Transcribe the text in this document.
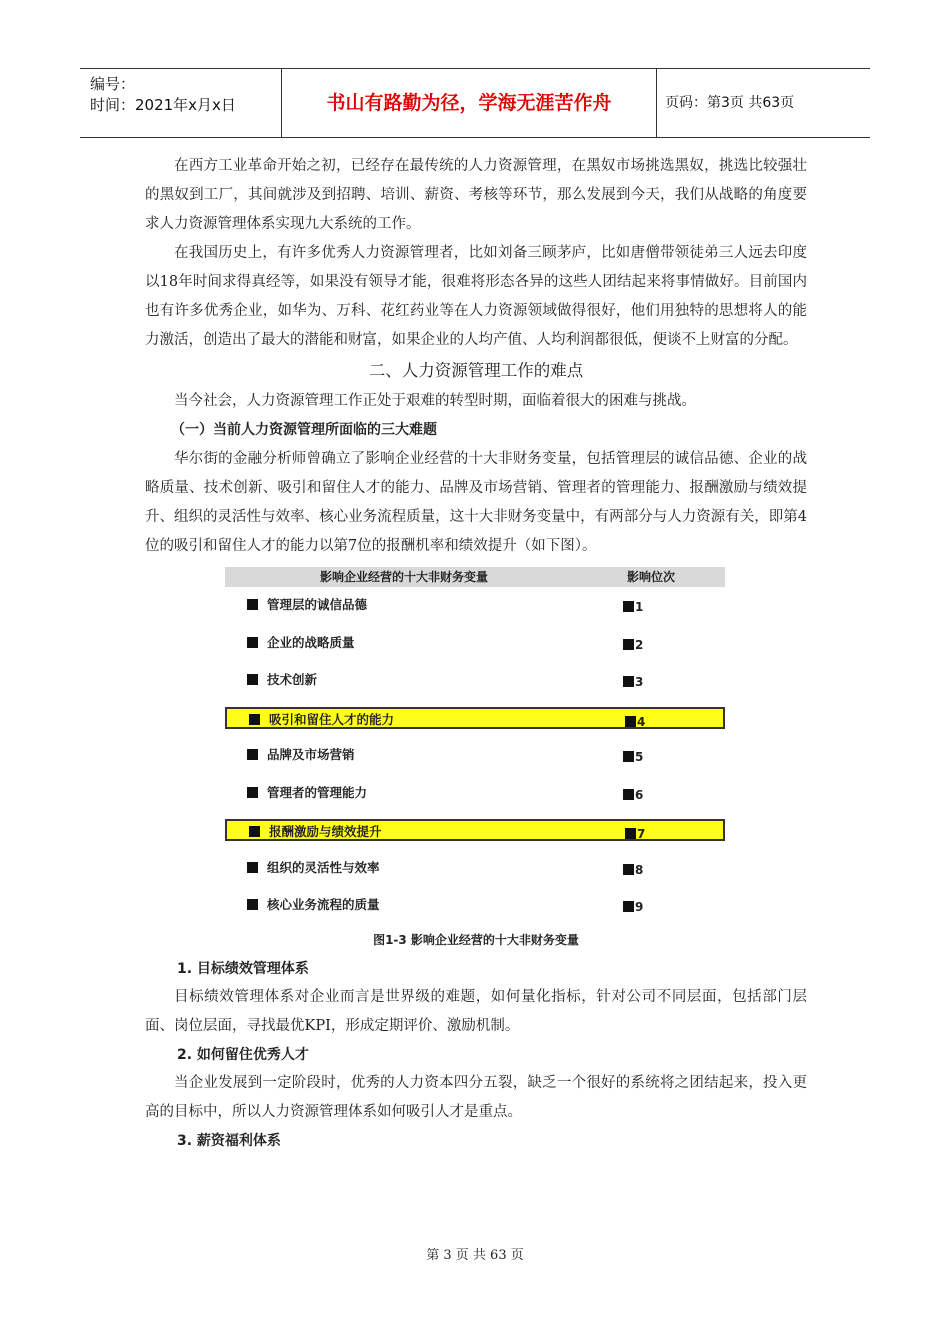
编号：
时间：2021年x月x日	书山有路勤为径，学海无涯苦作舟	页码：第3页 共63页

在西方工业革命开始之初，已经存在最传统的人力资源管理，在黑奴市场挑选黑奴，挑选比较强壮的黑奴到工厂，其间就涉及到招聘、培训、薪资、考核等环节，那么发展到今天，我们从战略的角度要求人力资源管理体系实现九大系统的工作。

在我国历史上，有许多优秀人力资源管理者，比如刘备三顾茅庐，比如唐僧带领徒弟三人远去印度以18年时间求得真经等，如果没有领导才能，很难将形态各异的这些人团结起来将事情做好。目前国内也有许多优秀企业，如华为、万科、花红药业等在人力资源领域做得很好，他们用独特的思想将人的能力激活，创造出了最大的潜能和财富，如果企业的人均产值、人均利润都很低，便谈不上财富的分配。

二、人力资源管理工作的难点

当今社会，人力资源管理工作正处于艰难的转型时期，面临着很大的困难与挑战。

（一）当前人力资源管理所面临的三大难题

华尔街的金融分析师曾确立了影响企业经营的十大非财务变量，包括管理层的诚信品德、企业的战略质量、技术创新、吸引和留住人才的能力、品牌及市场营销、管理者的管理能力、报酬激励与绩效提升、组织的灵活性与效率、核心业务流程质量，这十大非财务变量中，有两部分与人力资源有关，即第4位的吸引和留住人才的能力以第7位的报酬机率和绩效提升（如下图）。

影响企业经营的十大非财务变量	影响位次
管理层的诚信品德	1
企业的战略质量	2
技术创新	3
吸引和留住人才的能力	4
品牌及市场营销	5
管理者的管理能力	6
报酬激励与绩效提升	7
组织的灵活性与效率	8
核心业务流程的质量	9
图1-3 影响企业经营的十大非财务变量
1. 目标绩效管理体系

目标绩效管理体系对企业而言是世界级的难题，如何量化指标，针对公司不同层面，包括部门层面、岗位层面，寻找最优KPI，形成定期评价、激励机制。

2. 如何留住优秀人才

当企业发展到一定阶段时，优秀的人力资本四分五裂，缺乏一个很好的系统将之团结起来，投入更高的目标中，所以人力资源管理体系如何吸引人才是重点。

3. 薪资福利体系
第 3 页 共 63 页
